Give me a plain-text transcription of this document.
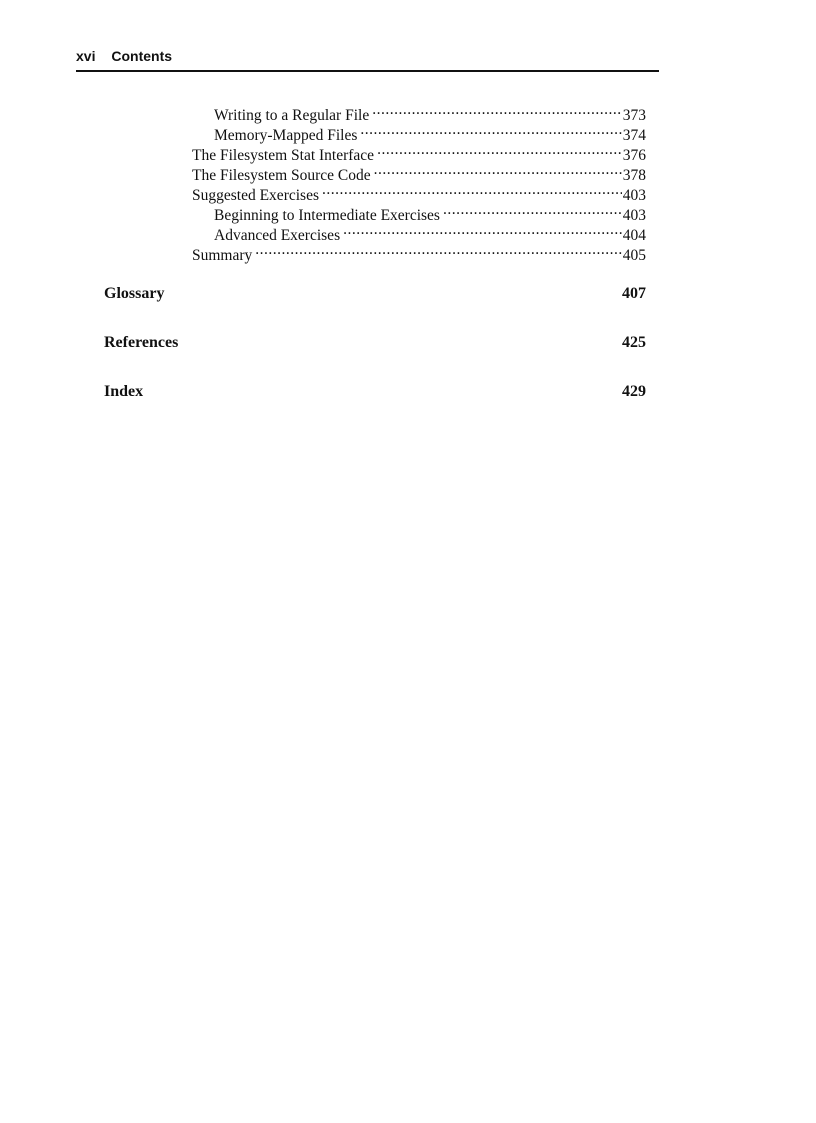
xvi Contents
Writing to a Regular File .....	373
Memory-Mapped Files .....	374
The Filesystem Stat Interface .....	376
The Filesystem Source Code .....	378
Suggested Exercises .....	403
Beginning to Intermediate Exercises .....	403
Advanced Exercises .....	404
Summary .....	405
Glossary	407
References	425
Index	429
